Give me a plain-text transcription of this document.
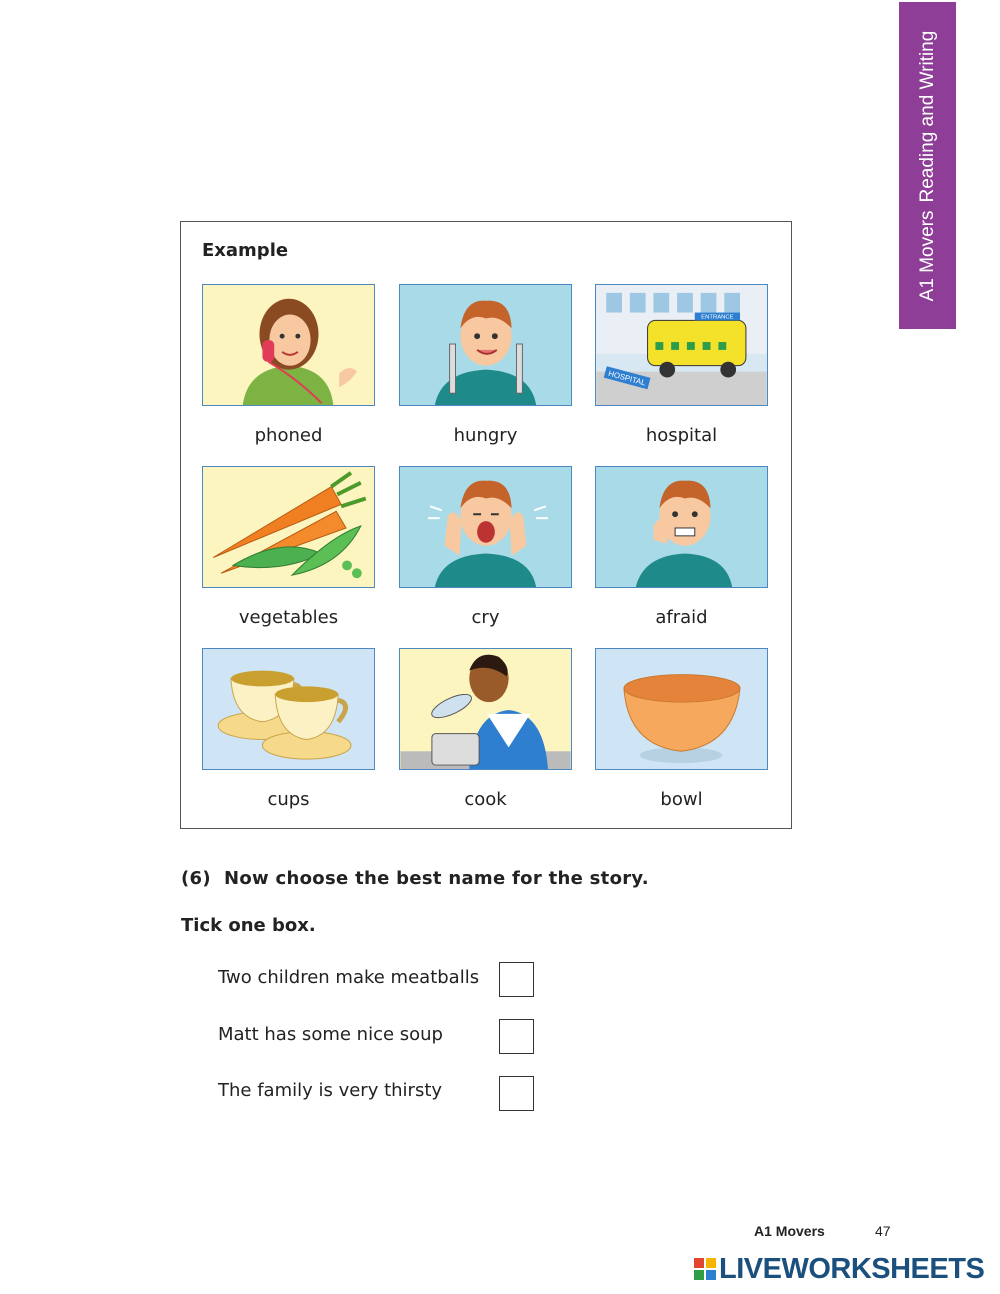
A1 MoversReading and Writing
Example
ENTRANCE
HOSPITAL
phoned	hungry	hospital
vegetables	cry	afraid
cups	cook	bowl
(6) Now choose the best name for the story.
Tick one box.
Two children make meatballs
Matt has some nice soup
The family is very thirsty
A1 Movers	47
LIVEWORKSHEETS
